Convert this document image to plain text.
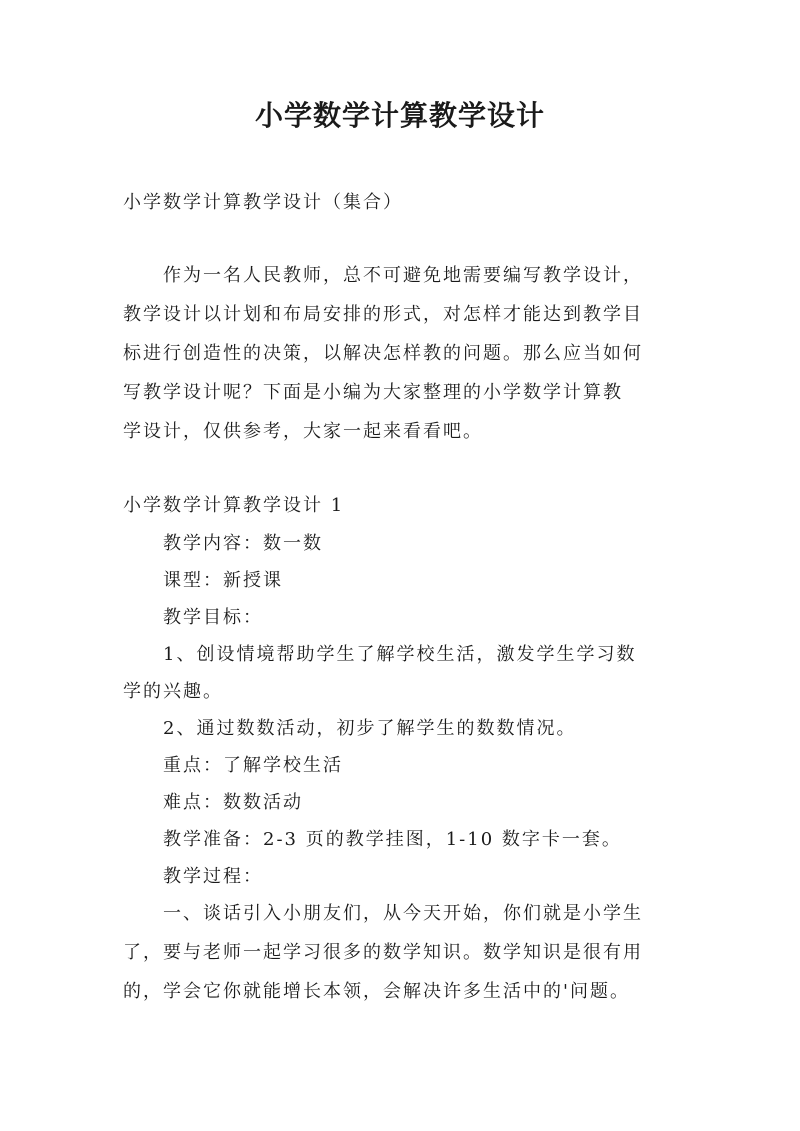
小学数学计算教学设计
小学数学计算教学设计（集合）
作为一名人民教师，总不可避免地需要编写教学设计，
教学设计以计划和布局安排的形式，对怎样才能达到教学目
标进行创造性的决策，以解决怎样教的问题。那么应当如何
写教学设计呢？下面是小编为大家整理的小学数学计算教
学设计，仅供参考，大家一起来看看吧。
小学数学计算教学设计 1
教学内容：数一数
课型：新授课
教学目标：
1、创设情境帮助学生了解学校生活，激发学生学习数
学的兴趣。
2、通过数数活动，初步了解学生的数数情况。
重点：了解学校生活
难点：数数活动
教学准备：2-3 页的教学挂图，1-10 数字卡一套。
教学过程：
一、谈话引入小朋友们，从今天开始，你们就是小学生
了，要与老师一起学习很多的数学知识。数学知识是很有用
的，学会它你就能增长本领，会解决许多生活中的'问题。
